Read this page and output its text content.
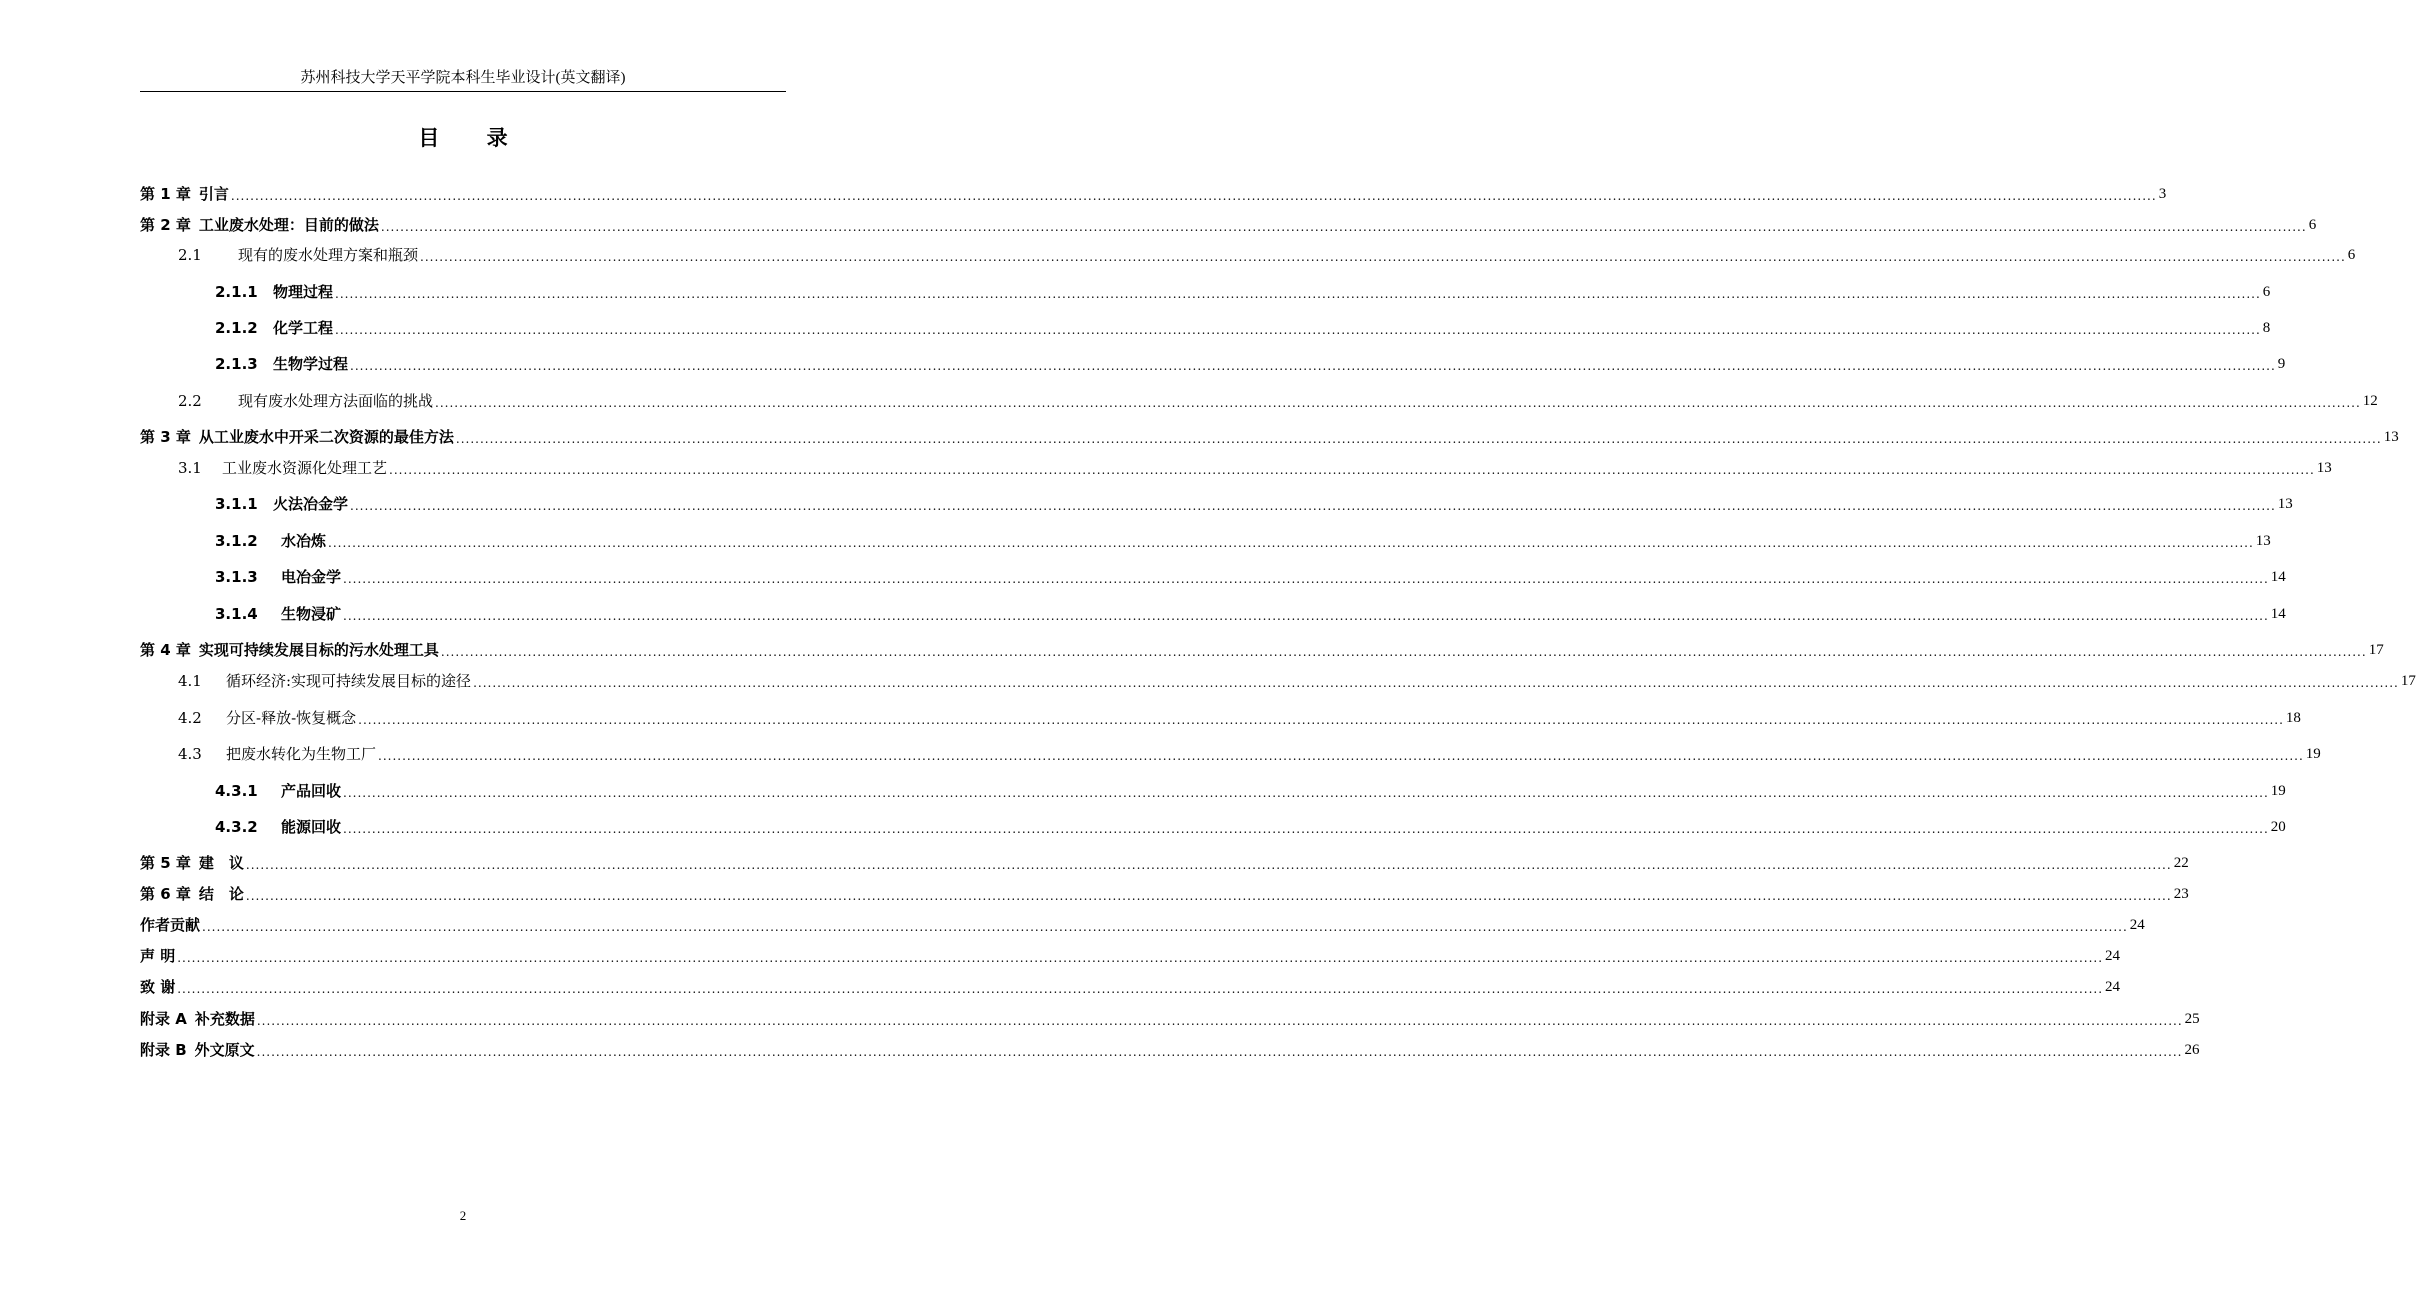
苏州科技大学天平学院本科生毕业设计(英文翻译)
目 录
第 1 章 引言 ................................................................................................................................................................................................................................................................................................................................................................................................................ 3
第 2 章 工业废水处理：目前的做法 ................................................................................................................................................................................................................................................................................................................................................................................................................ 6
2.1 现有的废水处理方案和瓶颈 ................................................................................................................................................................................................................................................................................................................................................................................................................ 6
2.1.1 物理过程 ................................................................................................................................................................................................................................................................................................................................................................................................................ 6
2.1.2 化学工程 ................................................................................................................................................................................................................................................................................................................................................................................................................ 8
2.1.3 生物学过程 ................................................................................................................................................................................................................................................................................................................................................................................................................ 9
2.2 现有废水处理方法面临的挑战 ................................................................................................................................................................................................................................................................................................................................................................................................................ 12
第 3 章 从工业废水中开采二次资源的最佳方法 ................................................................................................................................................................................................................................................................................................................................................................................................................ 13
3.1 工业废水资源化处理工艺 ................................................................................................................................................................................................................................................................................................................................................................................................................ 13
3.1.1 火法冶金学 ................................................................................................................................................................................................................................................................................................................................................................................................................ 13
3.1.2 水冶炼 ................................................................................................................................................................................................................................................................................................................................................................................................................ 13
3.1.3 电冶金学 ................................................................................................................................................................................................................................................................................................................................................................................................................ 14
3.1.4 生物浸矿 ................................................................................................................................................................................................................................................................................................................................................................................................................ 14
第 4 章 实现可持续发展目标的污水处理工具 ................................................................................................................................................................................................................................................................................................................................................................................................................ 17
4.1 循环经济:实现可持续发展目标的途径 ................................................................................................................................................................................................................................................................................................................................................................................................................ 17
4.2 分区-释放-恢复概念 ................................................................................................................................................................................................................................................................................................................................................................................................................ 18
4.3 把废水转化为生物工厂 ................................................................................................................................................................................................................................................................................................................................................................................................................ 19
4.3.1 产品回收 ................................................................................................................................................................................................................................................................................................................................................................................................................ 19
4.3.2 能源回收 ................................................................................................................................................................................................................................................................................................................................................................................................................ 20
第 5 章 建　议 ................................................................................................................................................................................................................................................................................................................................................................................................................ 22
第 6 章 结　论 ................................................................................................................................................................................................................................................................................................................................................................................................................ 23
作者贡献 ................................................................................................................................................................................................................................................................................................................................................................................................................ 24
声 明 ................................................................................................................................................................................................................................................................................................................................................................................................................ 24
致 谢 ................................................................................................................................................................................................................................................................................................................................................................................................................ 24
附录 A 补充数据 ................................................................................................................................................................................................................................................................................................................................................................................................................ 25
附录 B 外文原文 ................................................................................................................................................................................................................................................................................................................................................................................................................ 26
2
